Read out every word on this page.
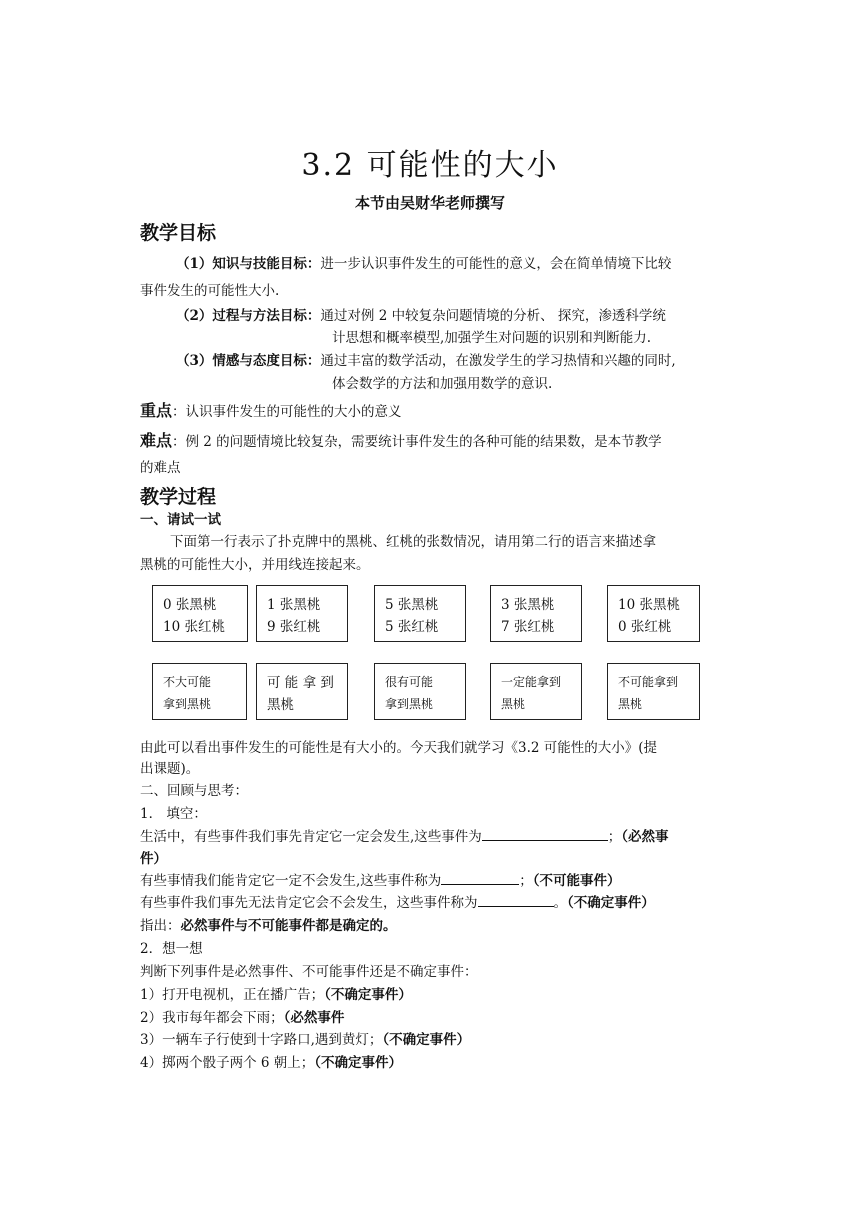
3.2 可能性的大小
本节由吴财华老师撰写
教学目标
（1）知识与技能目标：进一步认识事件发生的可能性的意义，会在简单情境下比较
事件发生的可能性大小.
（2）过程与方法目标：通过对例 2 中较复杂问题情境的分析、 探究，渗透科学统
计思想和概率模型,加强学生对问题的识别和判断能力.
（3）情感与态度目标：通过丰富的数学活动，在激发学生的学习热情和兴趣的同时,
体会数学的方法和加强用数学的意识.
重点：认识事件发生的可能性的大小的意义
难点：例 2 的问题情境比较复杂，需要统计事件发生的各种可能的结果数，是本节教学
的难点
教学过程
一、请试一试
下面第一行表示了扑克牌中的黑桃、红桃的张数情况，请用第二行的语言来描述拿
黑桃的可能性大小，并用线连接起来。
0 张黑桃
10 张红桃
1 张黑桃
9 张红桃
5 张黑桃
5 张红桃
3 张黑桃
7 张红桃
10 张黑桃
0 张红桃
不大可能
拿到黑桃
可 能 拿 到
黑桃
很有可能
拿到黑桃
一定能拿到
黑桃
不可能拿到
黑桃
由此可以看出事件发生的可能性是有大小的。今天我们就学习《3.2 可能性的大小》(提
出课题)。
二、回顾与思考：
1． 填空：
生活中，有些事件我们事先肯定它一定会发生,这些事件为	；（必然事
件）
有些事情我们能肯定它一定不会发生,这些事件称为	；（不可能事件）
有些事件我们事先无法肯定它会不会发生，这些事件称为	。（不确定事件）
指出：必然事件与不可能事件都是确定的。
2．想一想
判断下列事件是必然事件、不可能事件还是不确定事件：
1）打开电视机，正在播广告；（不确定事件）
2）我市每年都会下雨；（必然事件
3）一辆车子行使到十字路口,遇到黄灯；（不确定事件）
4）掷两个骰子两个 6 朝上；（不确定事件）
